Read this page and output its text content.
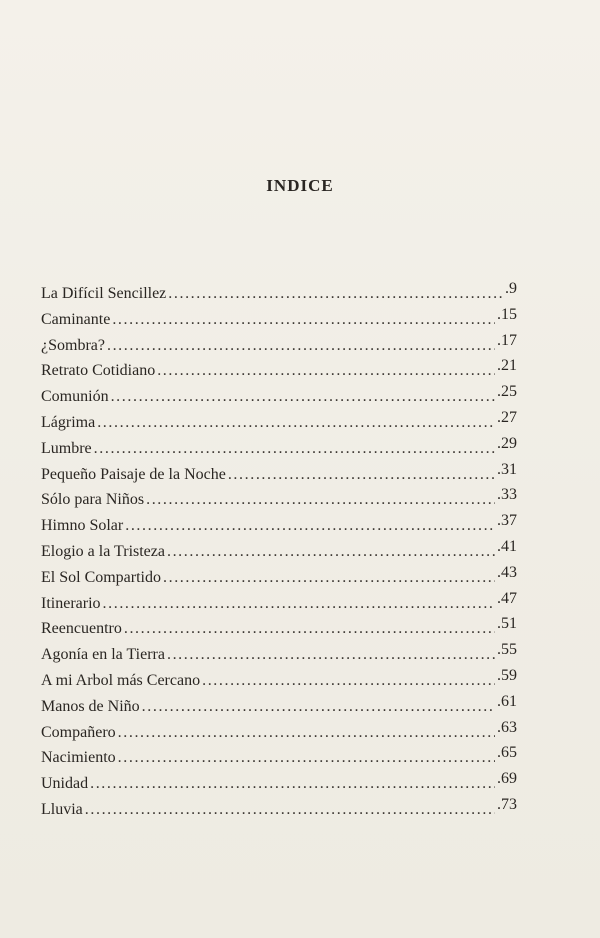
INDICE
La Difícil Sencillez . . .	.9
Caminante . . .	.15
¿Sombra? . . .	.17
Retrato Cotidiano . . .	.21
Comunión . . .	.25
Lágrima . . .	.27
Lumbre . . .	.29
Pequeño Paisaje de la Noche . . .	.31
Sólo para Niños . . .	.33
Himno Solar . . .	.37
Elogio a la Tristeza . . .	.41
El Sol Compartido . . .	.43
Itinerario . . .	.47
Reencuentro . . .	.51
Agonía en la Tierra . . .	.55
A mi Arbol más Cercano . . .	.59
Manos de Niño . . .	.61
Compañero . . .	.63
Nacimiento . . .	.65
Unidad . . .	.69
Lluvia . . .	.73
